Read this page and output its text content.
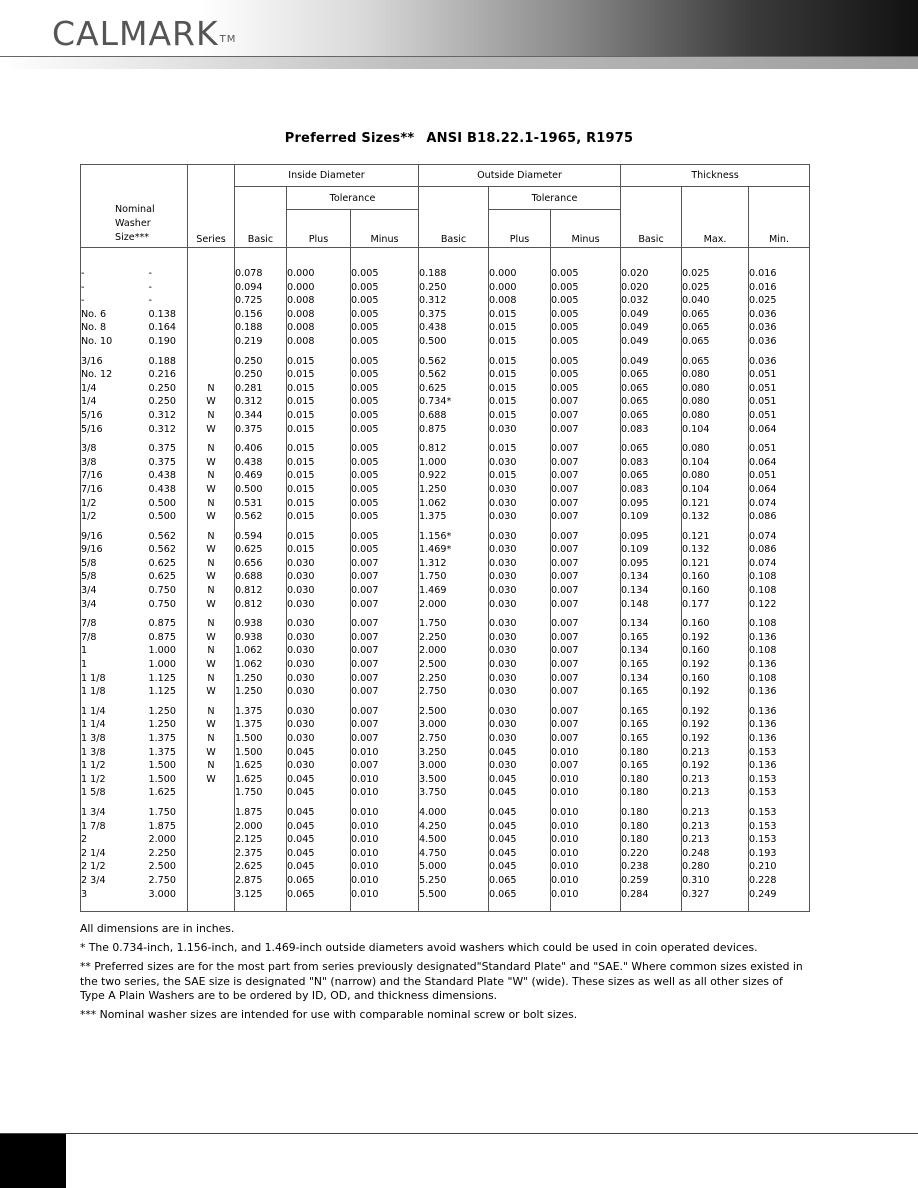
CALMARK™
Preferred Sizes** ANSI B18.22.1-1965, R1975
Nominal
Washer
Size***		Series	Inside Diameter			Outside Diameter			Thickness		
			Basic	Tolerance		Basic	Tolerance		Basic	Max.	Min.
				Plus	Minus		Plus	Minus			

-	-		0.078	0.000	0.005	0.188	0.000	0.005	0.020	0.025	0.016
-	-		0.094	0.000	0.005	0.250	0.000	0.005	0.020	0.025	0.016
-	-		0.725	0.008	0.005	0.312	0.008	0.005	0.032	0.040	0.025
No. 6	0.138		0.156	0.008	0.005	0.375	0.015	0.005	0.049	0.065	0.036
No. 8	0.164		0.188	0.008	0.005	0.438	0.015	0.005	0.049	0.065	0.036
No. 10	0.190		0.219	0.008	0.005	0.500	0.015	0.005	0.049	0.065	0.036

3/16	0.188		0.250	0.015	0.005	0.562	0.015	0.005	0.049	0.065	0.036
No. 12	0.216		0.250	0.015	0.005	0.562	0.015	0.005	0.065	0.080	0.051
1/4	0.250	N	0.281	0.015	0.005	0.625	0.015	0.005	0.065	0.080	0.051
1/4	0.250	W	0.312	0.015	0.005	0.734*	0.015	0.007	0.065	0.080	0.051
5/16	0.312	N	0.344	0.015	0.005	0.688	0.015	0.007	0.065	0.080	0.051
5/16	0.312	W	0.375	0.015	0.005	0.875	0.030	0.007	0.083	0.104	0.064

3/8	0.375	N	0.406	0.015	0.005	0.812	0.015	0.007	0.065	0.080	0.051
3/8	0.375	W	0.438	0.015	0.005	1.000	0.030	0.007	0.083	0.104	0.064
7/16	0.438	N	0.469	0.015	0.005	0.922	0.015	0.007	0.065	0.080	0.051
7/16	0.438	W	0.500	0.015	0.005	1.250	0.030	0.007	0.083	0.104	0.064
1/2	0.500	N	0.531	0.015	0.005	1.062	0.030	0.007	0.095	0.121	0.074
1/2	0.500	W	0.562	0.015	0.005	1.375	0.030	0.007	0.109	0.132	0.086

9/16	0.562	N	0.594	0.015	0.005	1.156*	0.030	0.007	0.095	0.121	0.074
9/16	0.562	W	0.625	0.015	0.005	1.469*	0.030	0.007	0.109	0.132	0.086
5/8	0.625	N	0.656	0.030	0.007	1.312	0.030	0.007	0.095	0.121	0.074
5/8	0.625	W	0.688	0.030	0.007	1.750	0.030	0.007	0.134	0.160	0.108
3/4	0.750	N	0.812	0.030	0.007	1.469	0.030	0.007	0.134	0.160	0.108
3/4	0.750	W	0.812	0.030	0.007	2.000	0.030	0.007	0.148	0.177	0.122

7/8	0.875	N	0.938	0.030	0.007	1.750	0.030	0.007	0.134	0.160	0.108
7/8	0.875	W	0.938	0.030	0.007	2.250	0.030	0.007	0.165	0.192	0.136
1	1.000	N	1.062	0.030	0.007	2.000	0.030	0.007	0.134	0.160	0.108
1	1.000	W	1.062	0.030	0.007	2.500	0.030	0.007	0.165	0.192	0.136
1 1/8	1.125	N	1.250	0.030	0.007	2.250	0.030	0.007	0.134	0.160	0.108
1 1/8	1.125	W	1.250	0.030	0.007	2.750	0.030	0.007	0.165	0.192	0.136

1 1/4	1.250	N	1.375	0.030	0.007	2.500	0.030	0.007	0.165	0.192	0.136
1 1/4	1.250	W	1.375	0.030	0.007	3.000	0.030	0.007	0.165	0.192	0.136
1 3/8	1.375	N	1.500	0.030	0.007	2.750	0.030	0.007	0.165	0.192	0.136
1 3/8	1.375	W	1.500	0.045	0.010	3.250	0.045	0.010	0.180	0.213	0.153
1 1/2	1.500	N	1.625	0.030	0.007	3.000	0.030	0.007	0.165	0.192	0.136
1 1/2	1.500	W	1.625	0.045	0.010	3.500	0.045	0.010	0.180	0.213	0.153
1 5/8	1.625		1.750	0.045	0.010	3.750	0.045	0.010	0.180	0.213	0.153

1 3/4	1.750		1.875	0.045	0.010	4.000	0.045	0.010	0.180	0.213	0.153
1 7/8	1.875		2.000	0.045	0.010	4.250	0.045	0.010	0.180	0.213	0.153
2	2.000		2.125	0.045	0.010	4.500	0.045	0.010	0.180	0.213	0.153
2 1/4	2.250		2.375	0.045	0.010	4.750	0.045	0.010	0.220	0.248	0.193
2 1/2	2.500		2.625	0.045	0.010	5.000	0.045	0.010	0.238	0.280	0.210
2 3/4	2.750		2.875	0.065	0.010	5.250	0.065	0.010	0.259	0.310	0.228
3	3.000		3.125	0.065	0.010	5.500	0.065	0.010	0.284	0.327	0.249

All dimensions are in inches.

* The 0.734-inch, 1.156-inch, and 1.469-inch outside diameters avoid washers which could be used in coin operated devices.

** Preferred sizes are for the most part from series previously designated"Standard Plate" and "SAE." Where common sizes existed in the two series, the SAE size is designated "N" (narrow) and the Standard Plate "W" (wide). These sizes as well as all other sizes of Type A Plain Washers are to be ordered by ID, OD, and thickness dimensions.

*** Nominal washer sizes are intended for use with comparable nominal screw or bolt sizes.
